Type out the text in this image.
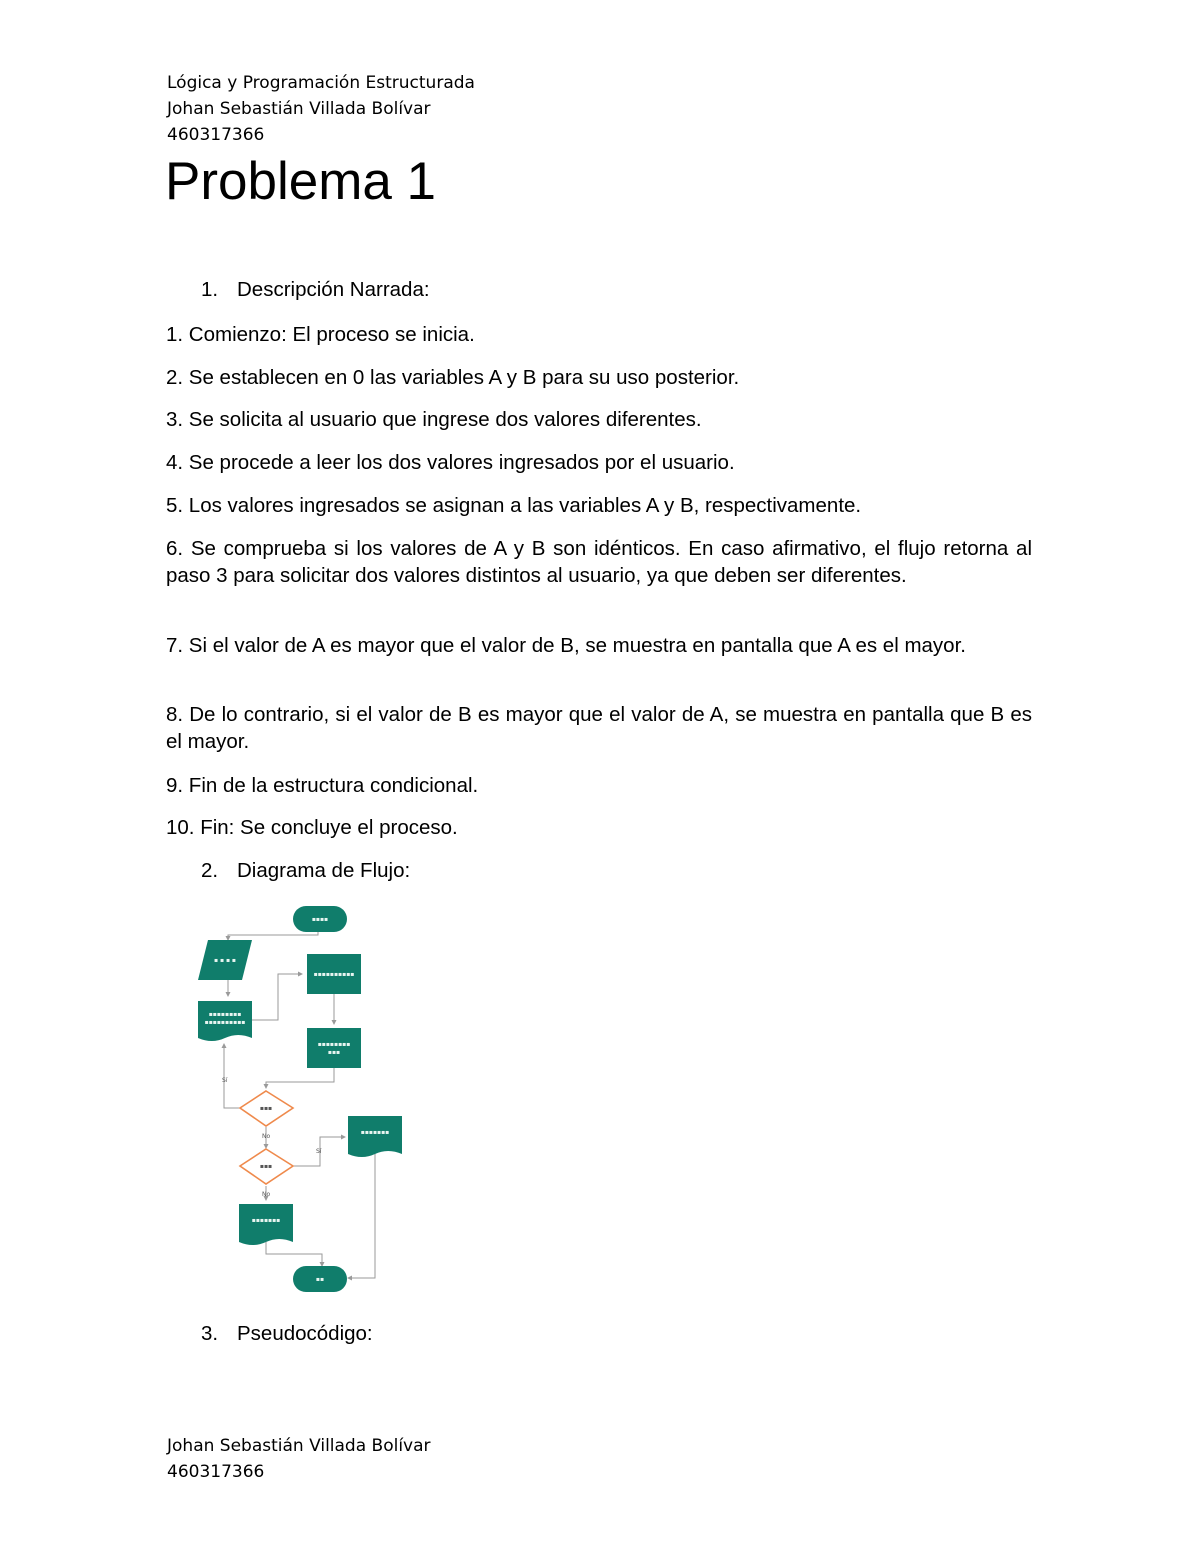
Lógica y Programación Estructurada
Johan Sebastián Villada Bolívar
460317366
Problema 1
1. Descripción Narrada:
1. Comienzo: El proceso se inicia.
2. Se establecen en 0 las variables A y B para su uso posterior.
3. Se solicita al usuario que ingrese dos valores diferentes.
4. Se procede a leer los dos valores ingresados por el usuario.
5. Los valores ingresados se asignan a las variables A y B, respectivamente.
6. Se comprueba si los valores de A y B son idénticos. En caso afirmativo, el flujo retorna al paso 3 para solicitar dos valores distintos al usuario, ya que deben ser diferentes.
7. Si el valor de A es mayor que el valor de B, se muestra en pantalla que A es el mayor.
8. De lo contrario, si el valor de B es mayor que el valor de A, se muestra en pantalla que B es el mayor.
9. Fin de la estructura condicional.
10. Fin: Se concluye el proceso.
2. Diagrama de Flujo:
▪▪▪▪
▪ ▪ ▪ ▪
▪▪▪▪▪▪▪▪
▪▪▪▪▪▪▪▪▪▪
▪▪▪▪▪▪▪▪▪▪
▪▪▪▪▪▪▪▪
▪▪▪
▪▪▪
▪▪▪
▪▪▪▪▪▪▪
▪▪▪▪▪▪▪
▪▪
Sí
No
Sí
No
3. Pseudocódigo:
Johan Sebastián Villada Bolívar
460317366
